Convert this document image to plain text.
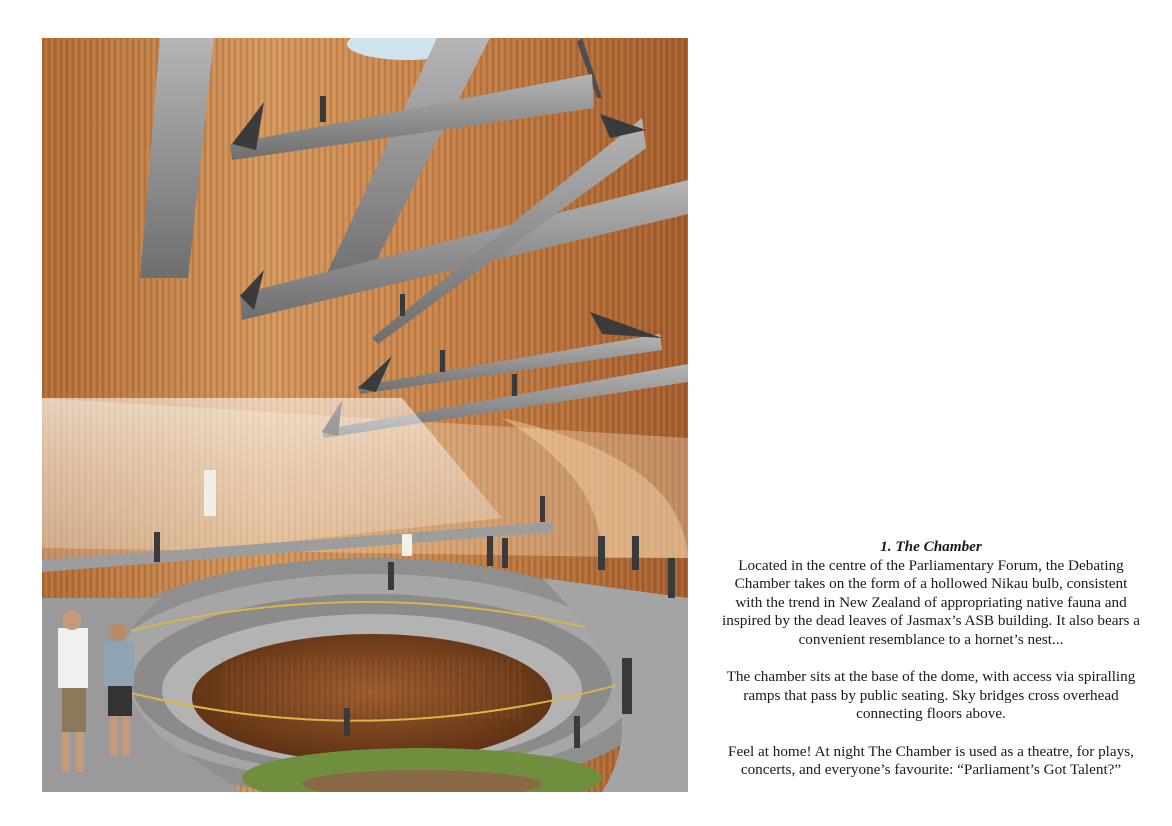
1. The Chamber

Located in the centre of the Parliamentary Forum, the Debating Chamber takes on the form of a hollowed Nikau bulb, consistent with the trend in New Zealand of appropriating native fauna and inspired by the dead leaves of Jasmax’s ASB building. It also bears a convenient resemblance to a hornet’s nest...

The chamber sits at the base of the dome, with access via spiralling ramps that pass by public seating. Sky bridges cross overhead connecting floors above.

Feel at home! At night The Chamber is used as a theatre, for plays, concerts, and everyone’s favourite: “Parliament’s Got Talent?”
